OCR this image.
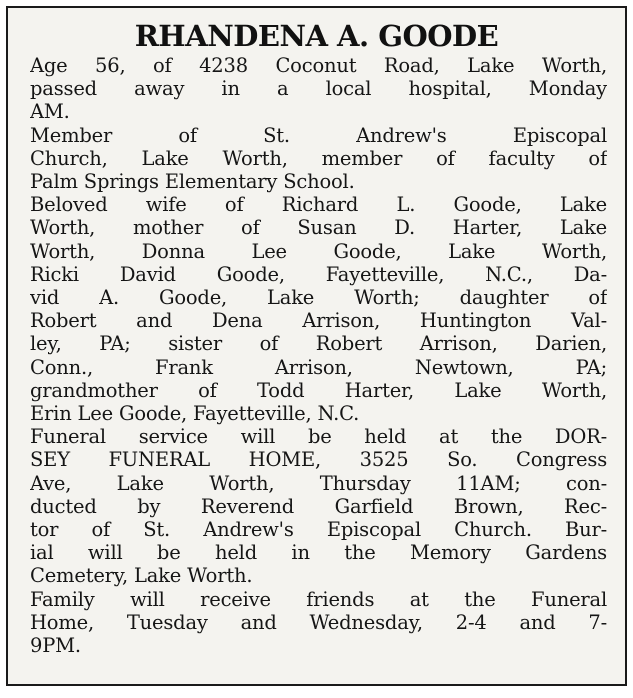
RHANDENA A. GOODE

Age 56, of 4238 Coconut Road, Lake Worth,
passed away in a local hospital, Monday
AM.

Member of St. Andrew's Episcopal
Church, Lake Worth, member of faculty of
Palm Springs Elementary School.

Beloved wife of Richard L. Goode, Lake
Worth, mother of Susan D. Harter, Lake
Worth, Donna Lee Goode, Lake Worth,
Ricki David Goode, Fayetteville, N.C., Da-
vid A. Goode, Lake Worth; daughter of
Robert and Dena Arrison, Huntington Val-
ley, PA; sister of Robert Arrison, Darien,
Conn., Frank Arrison, Newtown, PA;
grandmother of Todd Harter, Lake Worth,
Erin Lee Goode, Fayetteville, N.C.

Funeral service will be held at the DOR-
SEY FUNERAL HOME, 3525 So. Congress
Ave, Lake Worth, Thursday 11AM; con-
ducted by Reverend Garfield Brown, Rec-
tor of St. Andrew's Episcopal Church. Bur-
ial will be held in the Memory Gardens
Cemetery, Lake Worth.

Family will receive friends at the Funeral
Home, Tuesday and Wednesday, 2-4 and 7-
9PM.
